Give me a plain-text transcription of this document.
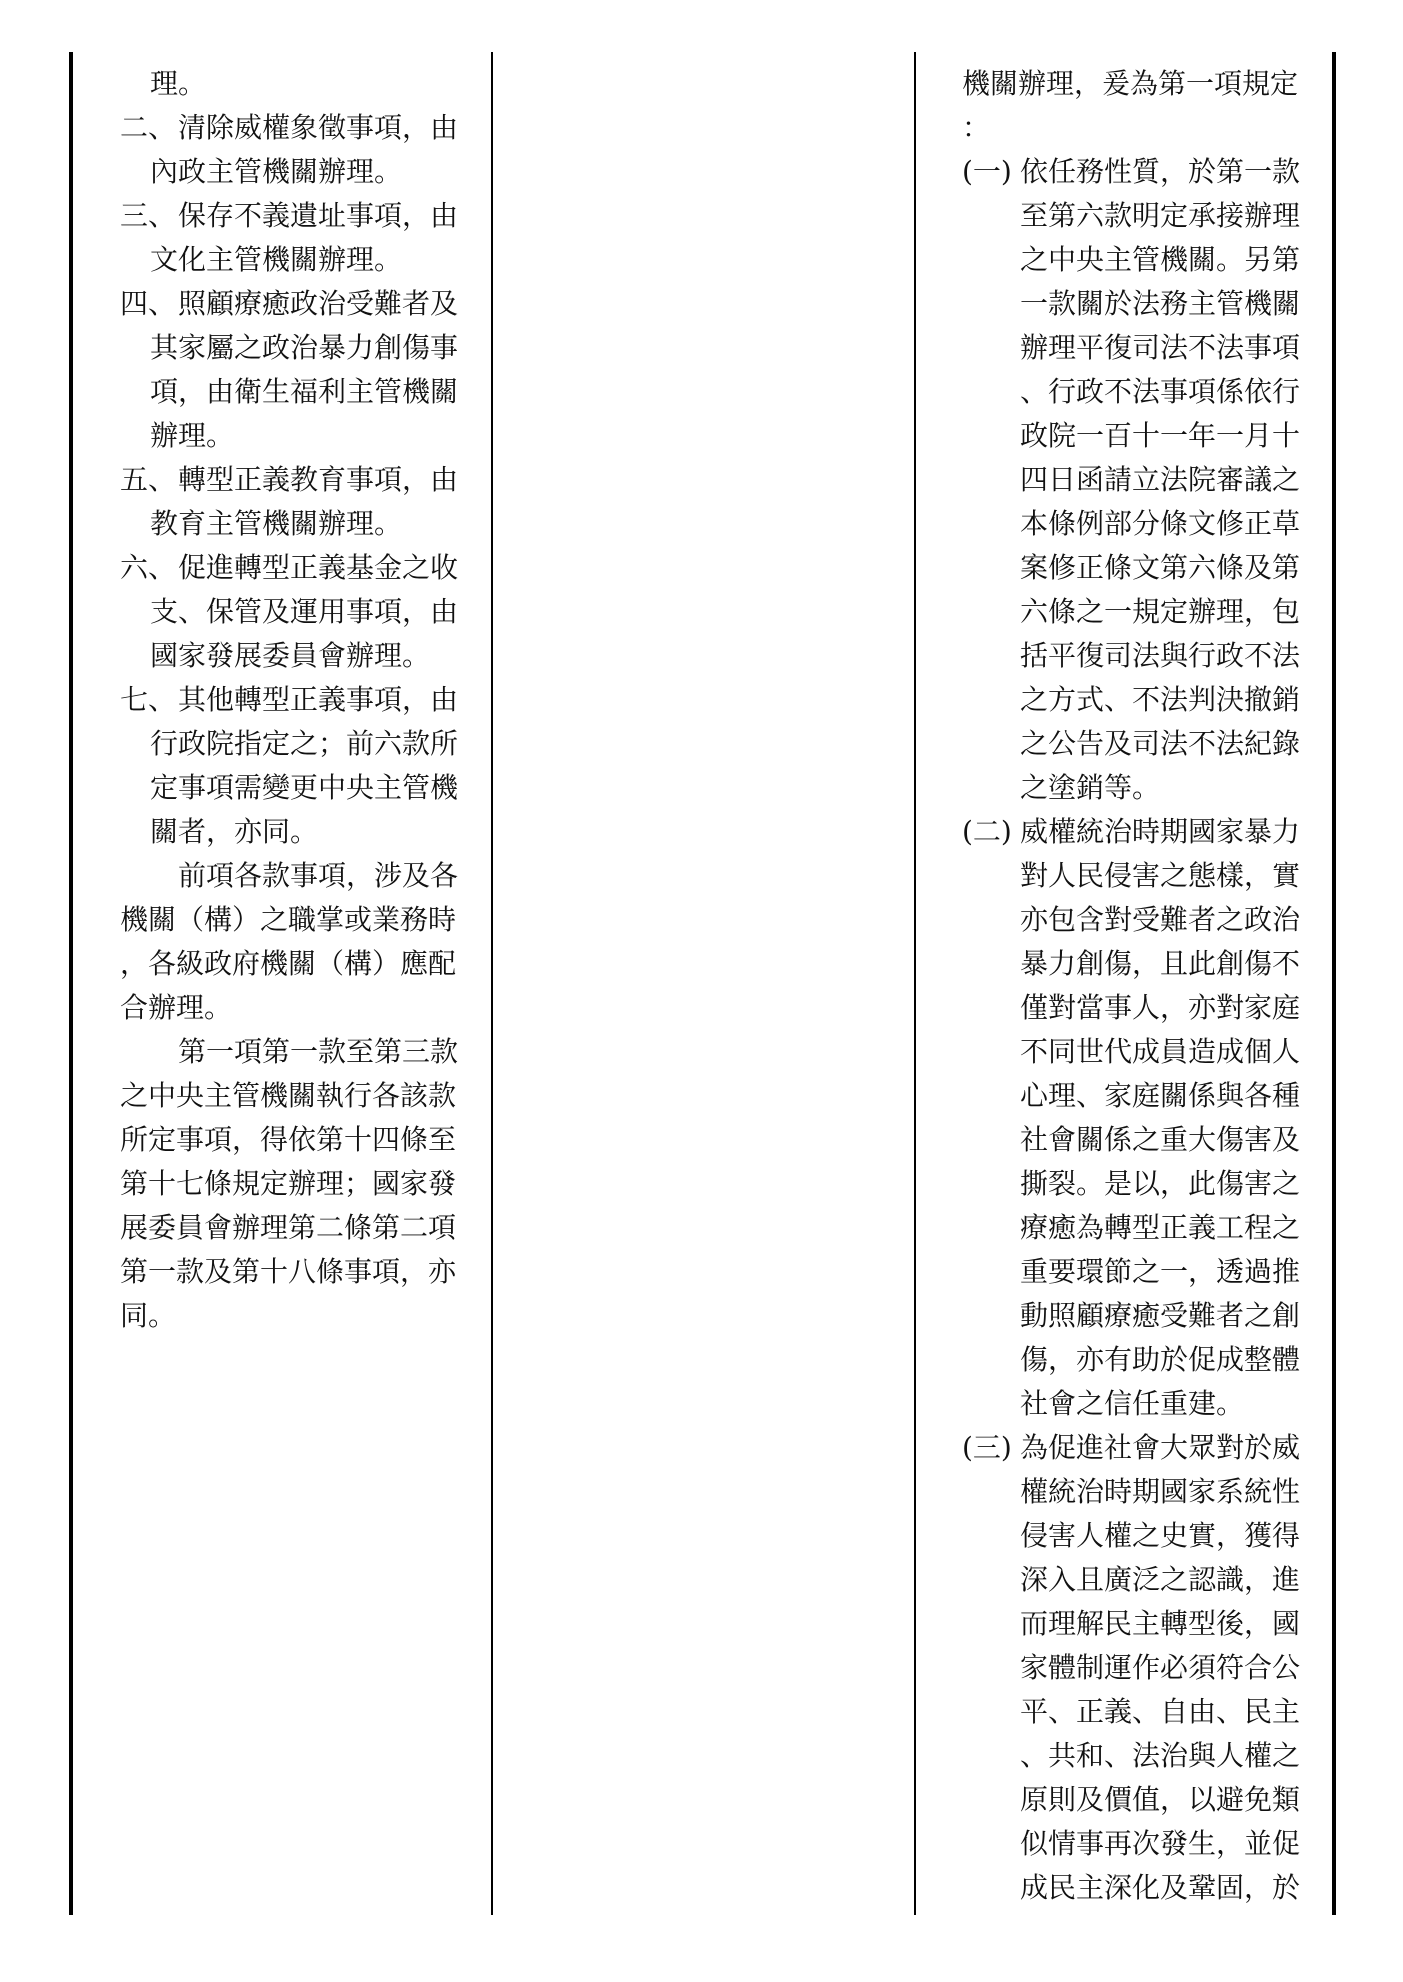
理。
二、清除威權象徵事項，由
內政主管機關辦理。
三、保存不義遺址事項，由
文化主管機關辦理。
四、照顧療癒政治受難者及
其家屬之政治暴力創傷事
項，由衛生福利主管機關
辦理。
五、轉型正義教育事項，由
教育主管機關辦理。
六、促進轉型正義基金之收
支、保管及運用事項，由
國家發展委員會辦理。
七、其他轉型正義事項，由
行政院指定之；前六款所
定事項需變更中央主管機
關者，亦同。
前項各款事項，涉及各
機關（構）之職掌或業務時
，各級政府機關（構）應配
合辦理。
第一項第一款至第三款
之中央主管機關執行各該款
所定事項，得依第十四條至
第十七條規定辦理；國家發
展委員會辦理第二條第二項
第一款及第十八條事項，亦
同。
機關辦理，爰為第一項規定
：
(一) 依任務性質，於第一款
至第六款明定承接辦理
之中央主管機關。另第
一款關於法務主管機關
辦理平復司法不法事項
、行政不法事項係依行
政院一百十一年一月十
四日函請立法院審議之
本條例部分條文修正草
案修正條文第六條及第
六條之一規定辦理，包
括平復司法與行政不法
之方式、不法判決撤銷
之公告及司法不法紀錄
之塗銷等。
(二) 威權統治時期國家暴力
對人民侵害之態樣，實
亦包含對受難者之政治
暴力創傷，且此創傷不
僅對當事人，亦對家庭
不同世代成員造成個人
心理、家庭關係與各種
社會關係之重大傷害及
撕裂。是以，此傷害之
療癒為轉型正義工程之
重要環節之一，透過推
動照顧療癒受難者之創
傷，亦有助於促成整體
社會之信任重建。
(三) 為促進社會大眾對於威
權統治時期國家系統性
侵害人權之史實，獲得
深入且廣泛之認識，進
而理解民主轉型後，國
家體制運作必須符合公
平、正義、自由、民主
、共和、法治與人權之
原則及價值，以避免類
似情事再次發生，並促
成民主深化及鞏固，於
